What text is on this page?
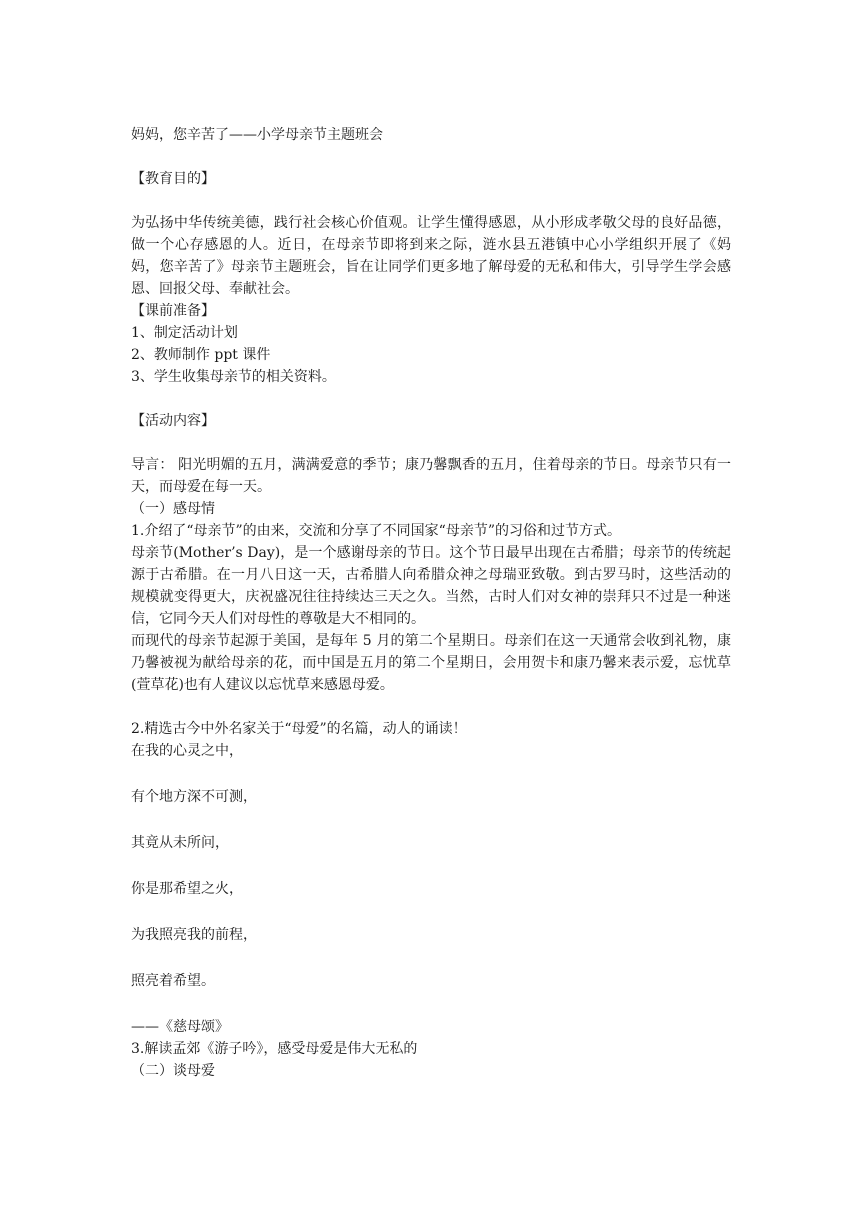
妈妈，您辛苦了——小学母亲节主题班会

【教育目的】

为弘扬中华传统美德，践行社会核心价值观。让学生懂得感恩，从小形成孝敬父母的良好品德，做一个心存感恩的人。近日，在母亲节即将到来之际，涟水县五港镇中心小学组织开展了《妈妈，您辛苦了》母亲节主题班会，旨在让同学们更多地了解母爱的无私和伟大，引导学生学会感恩、回报父母、奉献社会。

【课前准备】

1、制定活动计划

2、教师制作 ppt 课件

3、学生收集母亲节的相关资料。

【活动内容】

导言： 阳光明媚的五月，满满爱意的季节；康乃馨飘香的五月，住着母亲的节日。母亲节只有一天，而母爱在每一天。

（一）感母情

1.介绍了“母亲节”的由来，交流和分享了不同国家“母亲节”的习俗和过节方式。

母亲节(Mother’s Day)，是一个感谢母亲的节日。这个节日最早出现在古希腊；母亲节的传统起源于古希腊。在一月八日这一天，古希腊人向希腊众神之母瑞亚致敬。到古罗马时，这些活动的规模就变得更大，庆祝盛况往往持续达三天之久。当然，古时人们对女神的崇拜只不过是一种迷信，它同今天人们对母性的尊敬是大不相同的。

而现代的母亲节起源于美国，是每年 5 月的第二个星期日。母亲们在这一天通常会收到礼物，康乃馨被视为献给母亲的花，而中国是五月的第二个星期日，会用贺卡和康乃馨来表示爱，忘忧草(萱草花)也有人建议以忘忧草来感恩母爱。

2.精选古今中外名家关于“母爱”的名篇，动人的诵读！

在我的心灵之中，

有个地方深不可测，

其竟从未所问，

你是那希望之火，

为我照亮我的前程，

照亮着希望。

——《慈母颂》

3.解读孟郊《游子吟》，感受母爱是伟大无私的

（二）谈母爱
